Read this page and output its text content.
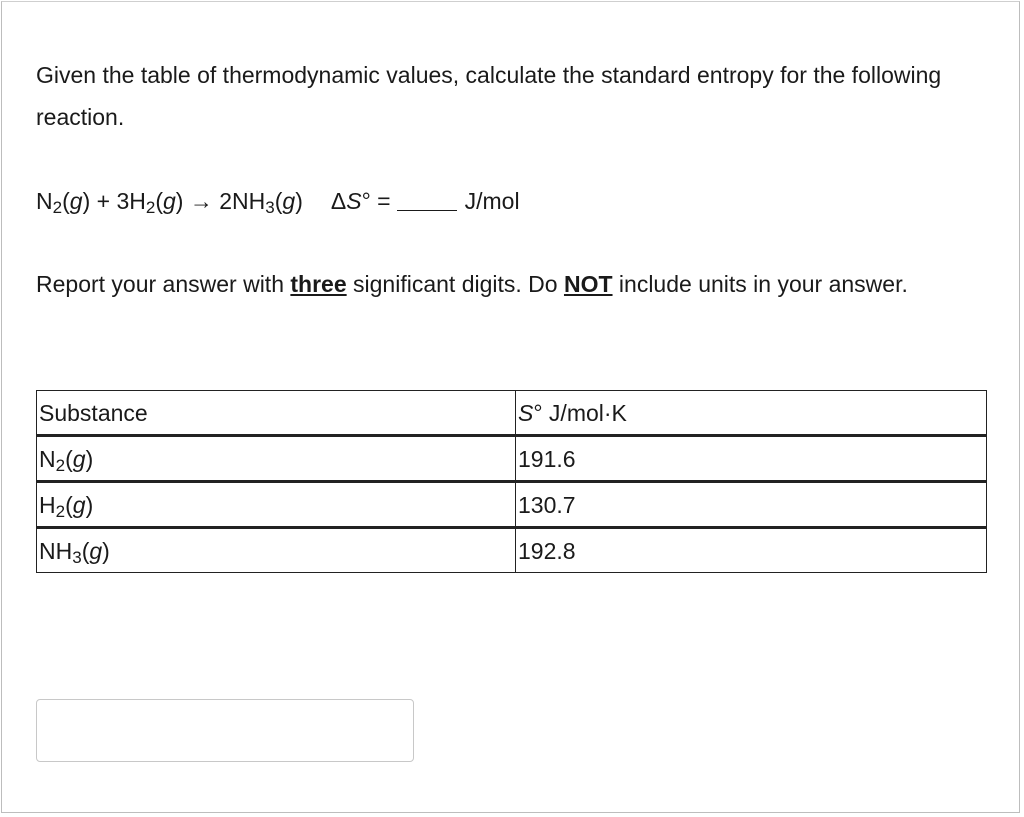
Given the table of thermodynamic values, calculate the standard entropy for the following reaction.

$N_2(g) + 3H_2(g) \to 2NH_3(g) \Delta S^\circ$ =	J/mol

Report your answer with three significant digits. Do NOT include units in your answer.

Substance	S° J/mol·K
$N_2(g)$	191.6
$H_2(g)$	130.7
$NH_3(g)$	192.8
